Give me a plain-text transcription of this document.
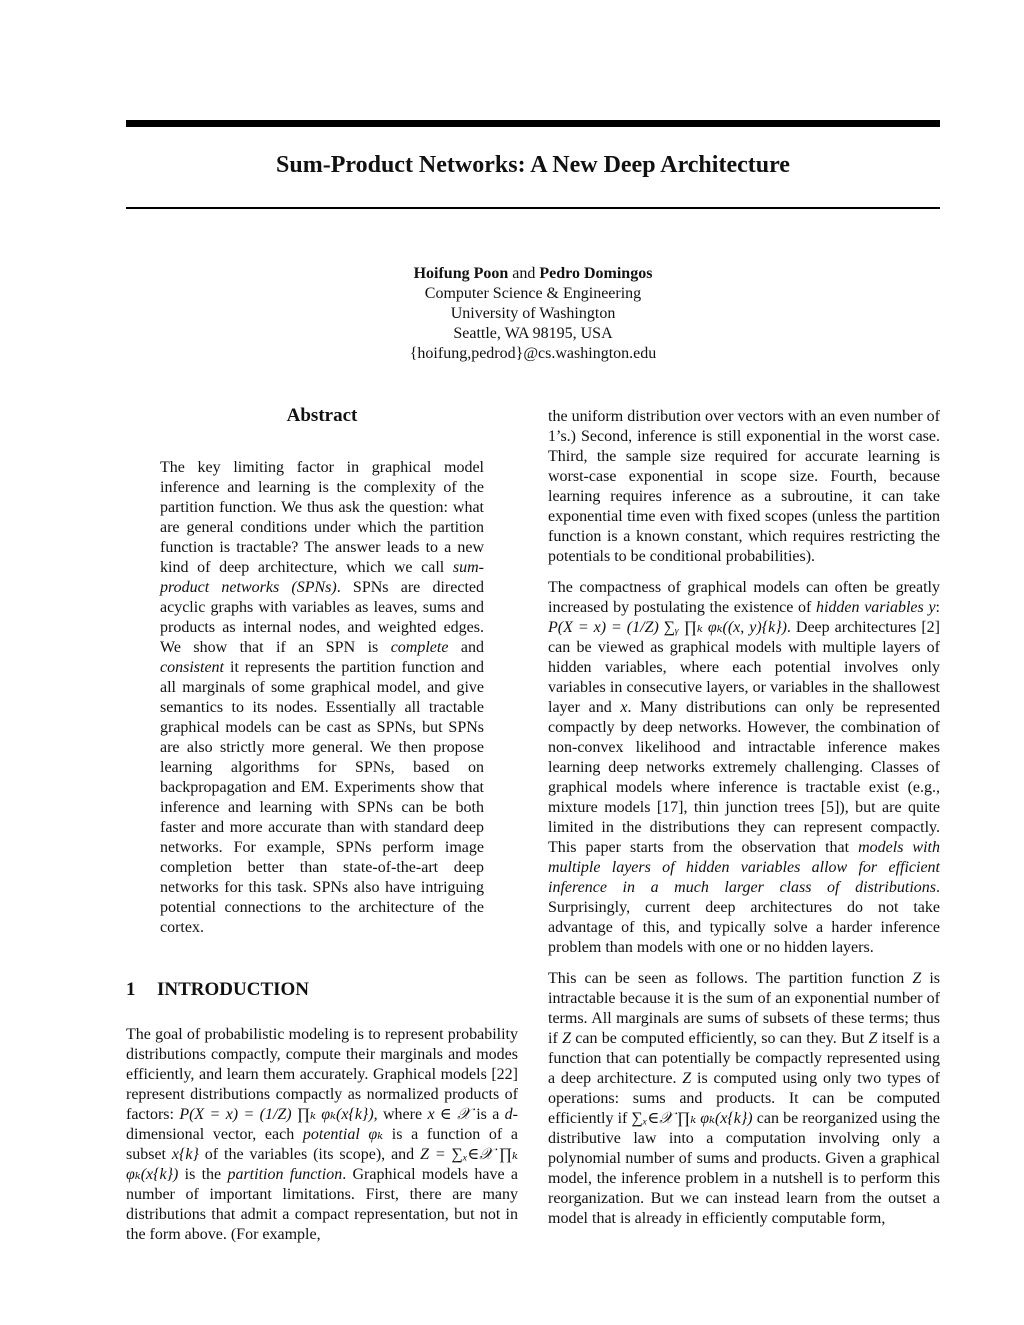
Sum-Product Networks: A New Deep Architecture
Hoifung Poon and Pedro Domingos
Computer Science & Engineering
University of Washington
Seattle, WA 98195, USA
{hoifung,pedrod}@cs.washington.edu
Abstract

The key limiting factor in graphical model inference and learning is the complexity of the partition function. We thus ask the question: what are general conditions under which the partition function is tractable? The answer leads to a new kind of deep architecture, which we call sum-product networks (SPNs). SPNs are directed acyclic graphs with variables as leaves, sums and products as internal nodes, and weighted edges. We show that if an SPN is complete and consistent it represents the partition function and all marginals of some graphical model, and give semantics to its nodes. Essentially all tractable graphical models can be cast as SPNs, but SPNs are also strictly more general. We then propose learning algorithms for SPNs, based on backpropagation and EM. Experiments show that inference and learning with SPNs can be both faster and more accurate than with standard deep networks. For example, SPNs perform image completion better than state-of-the-art deep networks for this task. SPNs also have intriguing potential connections to the architecture of the cortex.

1 INTRODUCTION

The goal of probabilistic modeling is to represent probability distributions compactly, compute their marginals and modes efficiently, and learn them accurately. Graphical models [22] represent distributions compactly as normalized products of factors: P(X = x) = (1/Z) ∏ₖ φₖ(x{k}), where x ∈ 𝒳 is a d-dimensional vector, each potential φₖ is a function of a subset x{k} of the variables (its scope), and Z = ∑ₓ∈𝒳 ∏ₖ φₖ(x{k}) is the partition function. Graphical models have a number of important limitations. First, there are many distributions that admit a compact representation, but not in the form above. (For example,

the uniform distribution over vectors with an even number of 1’s.) Second, inference is still exponential in the worst case. Third, the sample size required for accurate learning is worst-case exponential in scope size. Fourth, because learning requires inference as a subroutine, it can take exponential time even with fixed scopes (unless the partition function is a known constant, which requires restricting the potentials to be conditional probabilities).

The compactness of graphical models can often be greatly increased by postulating the existence of hidden variables y: P(X = x) = (1/Z) ∑ᵧ ∏ₖ φₖ((x, y){k}). Deep architectures [2] can be viewed as graphical models with multiple layers of hidden variables, where each potential involves only variables in consecutive layers, or variables in the shallowest layer and x. Many distributions can only be represented compactly by deep networks. However, the combination of non-convex likelihood and intractable inference makes learning deep networks extremely challenging. Classes of graphical models where inference is tractable exist (e.g., mixture models [17], thin junction trees [5]), but are quite limited in the distributions they can represent compactly. This paper starts from the observation that models with multiple layers of hidden variables allow for efficient inference in a much larger class of distributions. Surprisingly, current deep architectures do not take advantage of this, and typically solve a harder inference problem than models with one or no hidden layers.

This can be seen as follows. The partition function Z is intractable because it is the sum of an exponential number of terms. All marginals are sums of subsets of these terms; thus if Z can be computed efficiently, so can they. But Z itself is a function that can potentially be compactly represented using a deep architecture. Z is computed using only two types of operations: sums and products. It can be computed efficiently if ∑ₓ∈𝒳 ∏ₖ φₖ(x{k}) can be reorganized using the distributive law into a computation involving only a polynomial number of sums and products. Given a graphical model, the inference problem in a nutshell is to perform this reorganization. But we can instead learn from the outset a model that is already in efficiently computable form,
